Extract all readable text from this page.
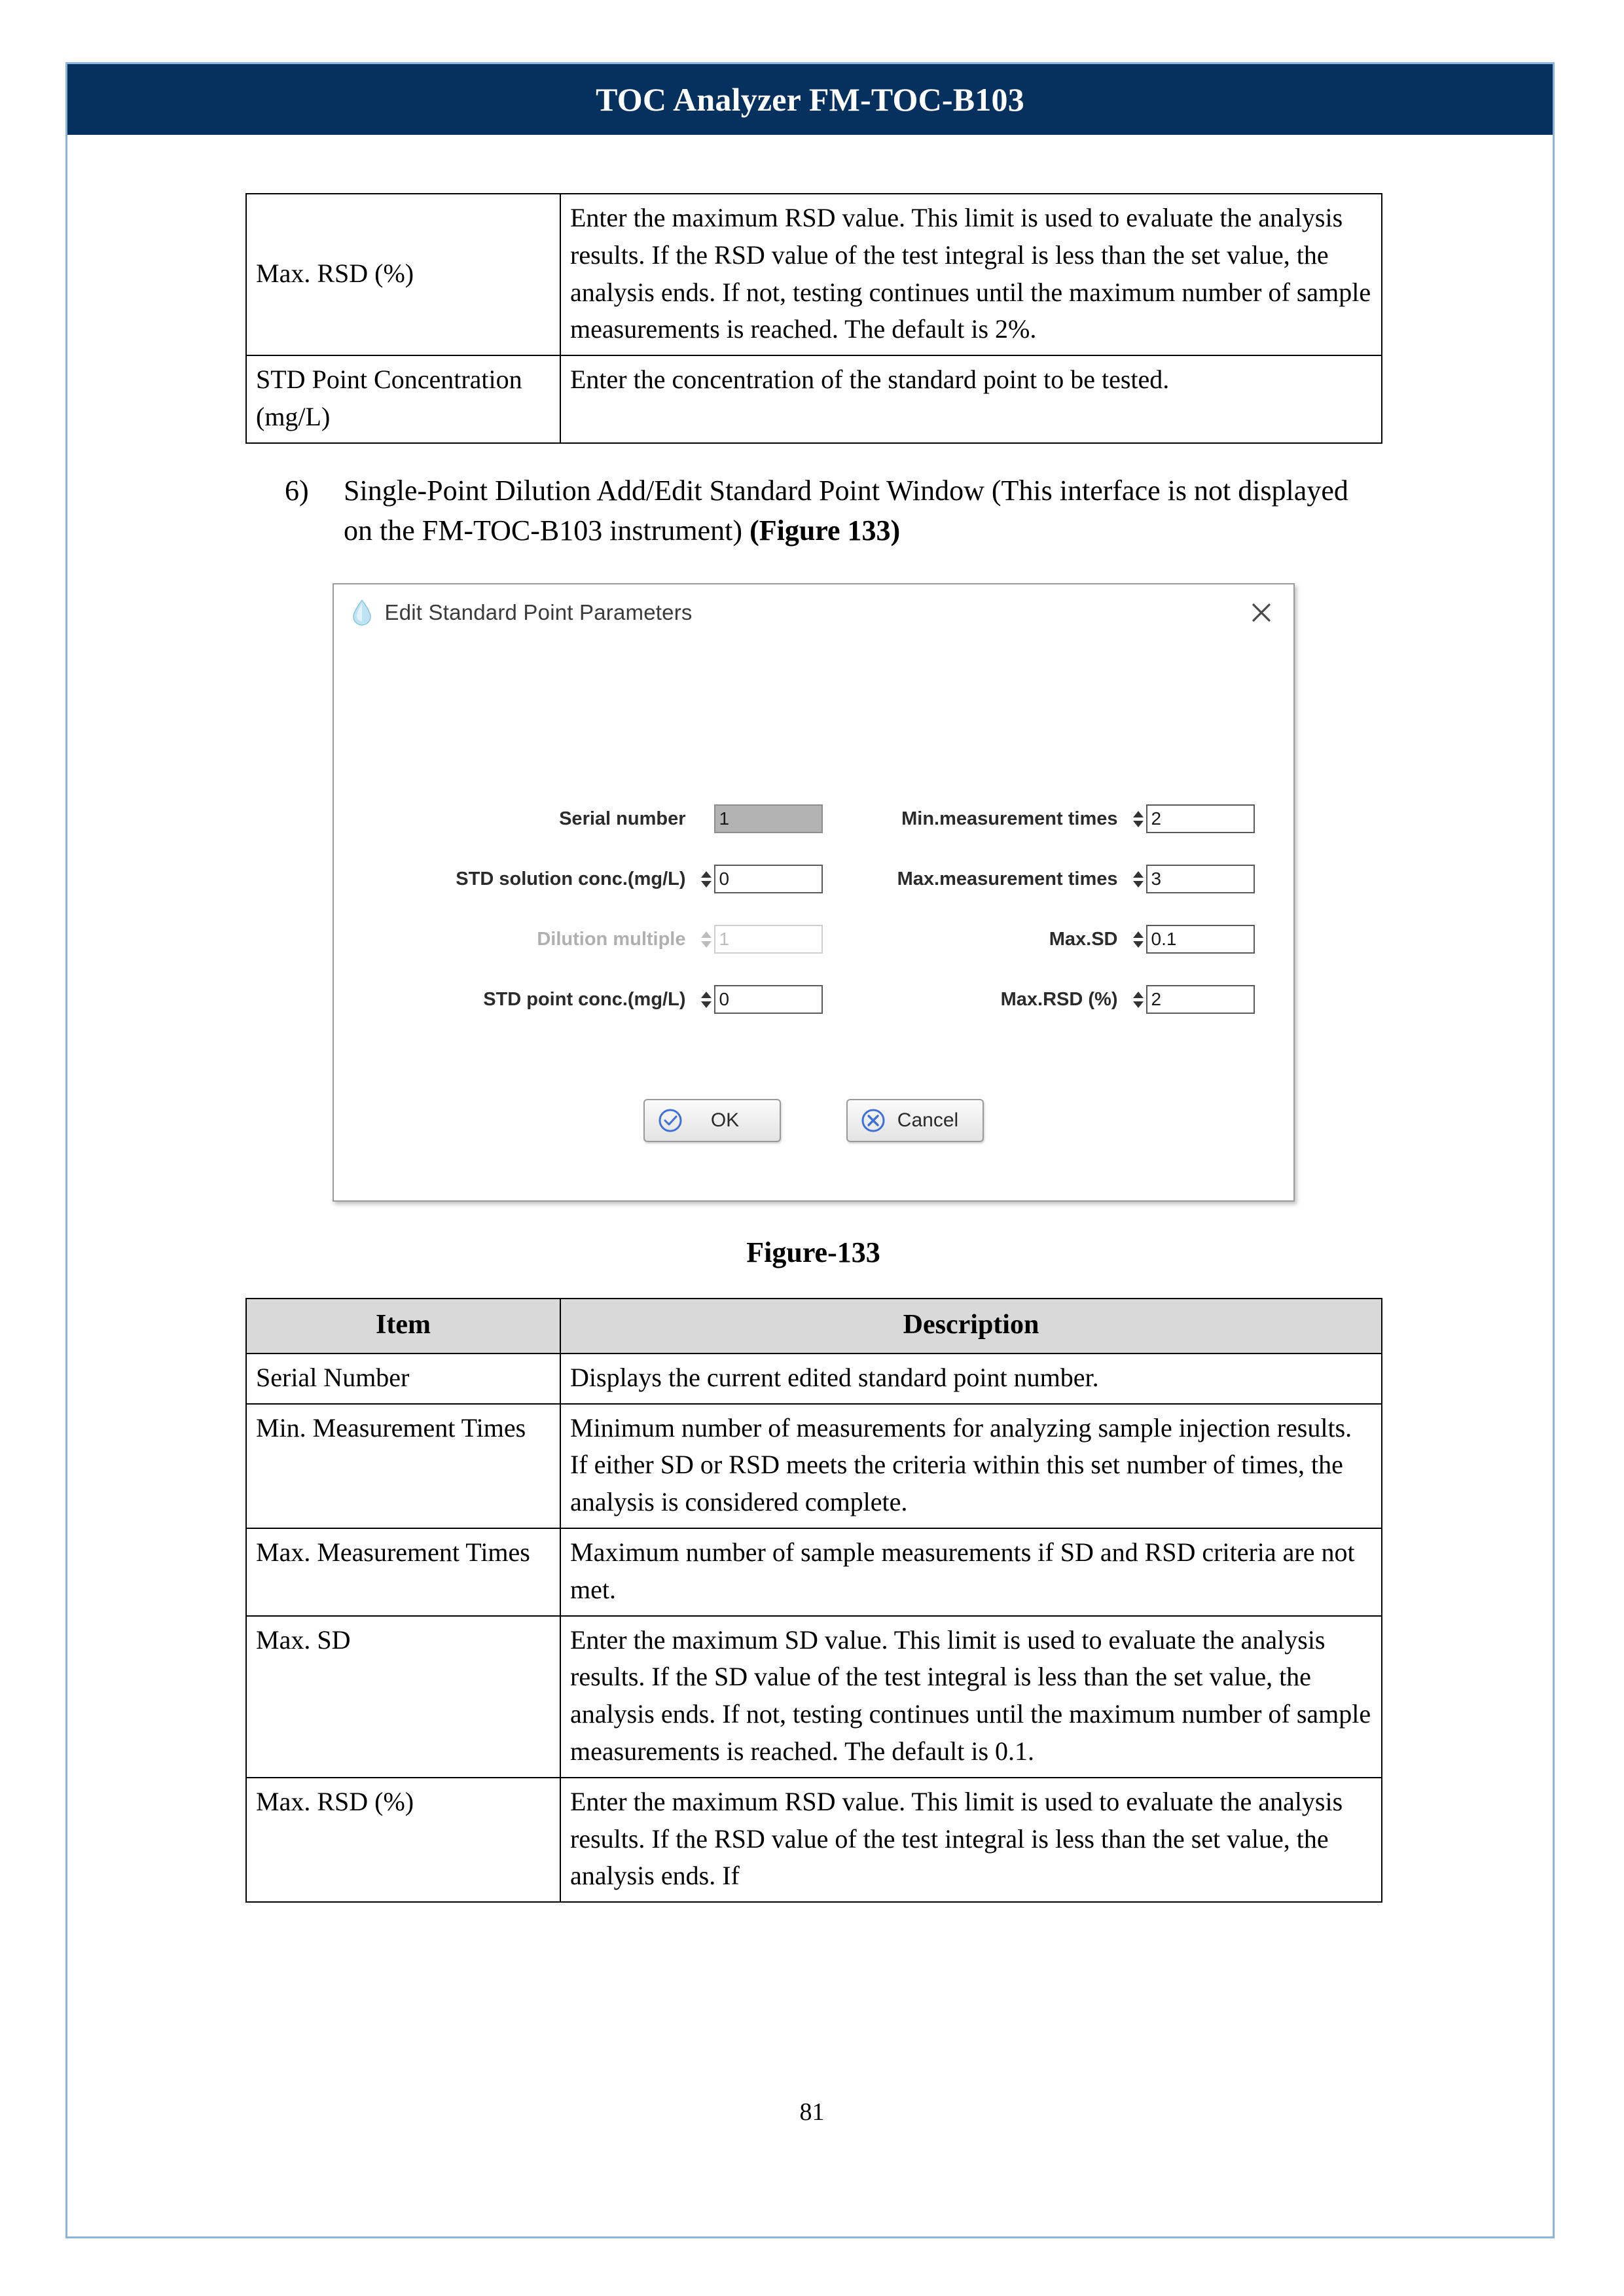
TOC Analyzer FM-TOC-B103
Max. RSD (%)	Enter the maximum RSD value. This limit is used to evaluate the analysis results. If the RSD value of the test integral is less than the set value, the analysis ends. If not, testing continues until the maximum number of sample measurements is reached. The default is 2%.
STD Point Concentration (mg/L)	Enter the concentration of the standard point to be tested.
6) Single-Point Dilution Add/Edit Standard Point Window (This interface is not displayed on the FM-TOC-B103 instrument) (Figure 133)
Edit Standard Point Parameters
Serial number	1	Min.measurement times	2
STD solution conc.(mg/L)	0	Max.measurement times	3
Dilution multiple	1	Max.SD	0.1
STD point conc.(mg/L)	0	Max.RSD (%)	2
OK	Cancel
Figure-133
Item	Description
Serial Number	Displays the current edited standard point number.
Min. Measurement Times	Minimum number of measurements for analyzing sample injection results. If either SD or RSD meets the criteria within this set number of times, the analysis is considered complete.
Max. Measurement Times	Maximum number of sample measurements if SD and RSD criteria are not met.
Max. SD	Enter the maximum SD value. This limit is used to evaluate the analysis results. If the SD value of the test integral is less than the set value, the analysis ends. If not, testing continues until the maximum number of sample measurements is reached. The default is 0.1.
Max. RSD (%)	Enter the maximum RSD value. This limit is used to evaluate the analysis results. If the RSD value of the test integral is less than the set value, the analysis ends. If
81
